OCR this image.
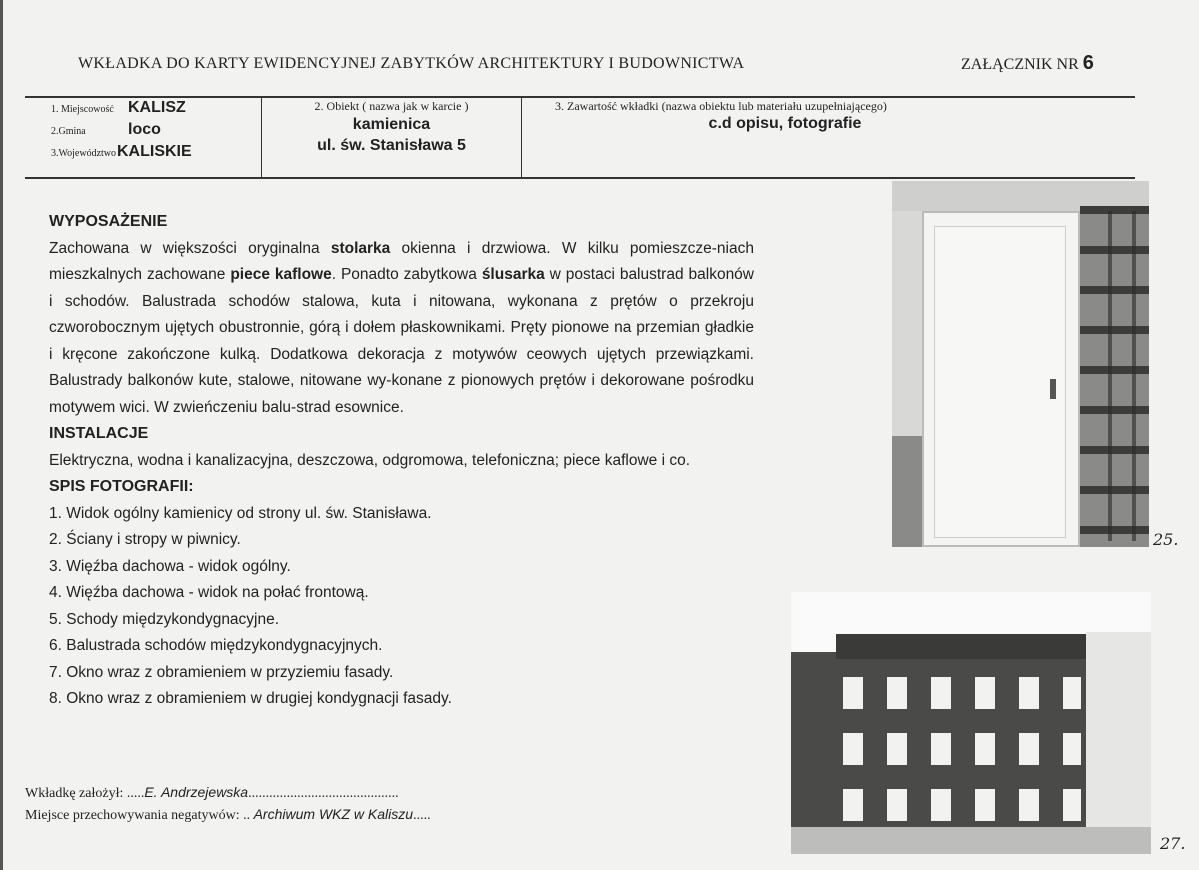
WKŁADKA DO KARTY EWIDENCYJNEJ ZABYTKÓW ARCHITEKTURY I BUDOWNICTWA	ZAŁĄCZNIK NR 6
1. Miejscowość KALISZ
2.Gmina	loco
3.WojewództwoKALISKIE
2. Obiekt ( nazwa jak w karcie )
kamienica
ul. św. Stanisława 5
3. Zawartość wkładki (nazwa obiektu lub materiału uzupełniającego)
c.d opisu, fotografie
WYPOSAŻENIE

Zachowana w większości oryginalna stolarka okienna i drzwiowa. W kilku pomieszcze-niach mieszkalnych zachowane piece kaflowe. Ponadto zabytkowa ślusarka w postaci balustrad balkonów i schodów. Balustrada schodów stalowa, kuta i nitowana, wykonana z prętów o przekroju czworobocznym ujętych obustronnie, górą i dołem płaskownikami. Pręty pionowe na przemian gładkie i kręcone zakończone kulką. Dodatkowa dekoracja z motywów ceowych ujętych przewiązkami. Balustrady balkonów kute, stalowe, nitowane wy-konane z pionowych prętów i dekorowane pośrodku motywem wici. W zwieńczeniu balu-strad esownice.

INSTALACJE

Elektryczna, wodna i kanalizacyjna, deszczowa, odgromowa, telefoniczna; piece kaflowe i co.

SPIS FOTOGRAFII:
1. Widok ogólny kamienicy od strony ul. św. Stanisława.
2. Ściany i stropy w piwnicy.
3. Więźba dachowa - widok ogólny.
4. Więźba dachowa - widok na połać frontową.
5. Schody międzykondygnacyjne.
6. Balustrada schodów międzykondygnacyjnych.
7. Okno wraz z obramieniem w przyziemiu fasady.
8. Okno wraz z obramieniem w drugiej kondygnacji fasady.
Wkładkę założył: .....E. Andrzejewska...........................................
Miejsce przechowywania negatywów: .. Archiwum WKZ w Kaliszu.....
25.
27.
